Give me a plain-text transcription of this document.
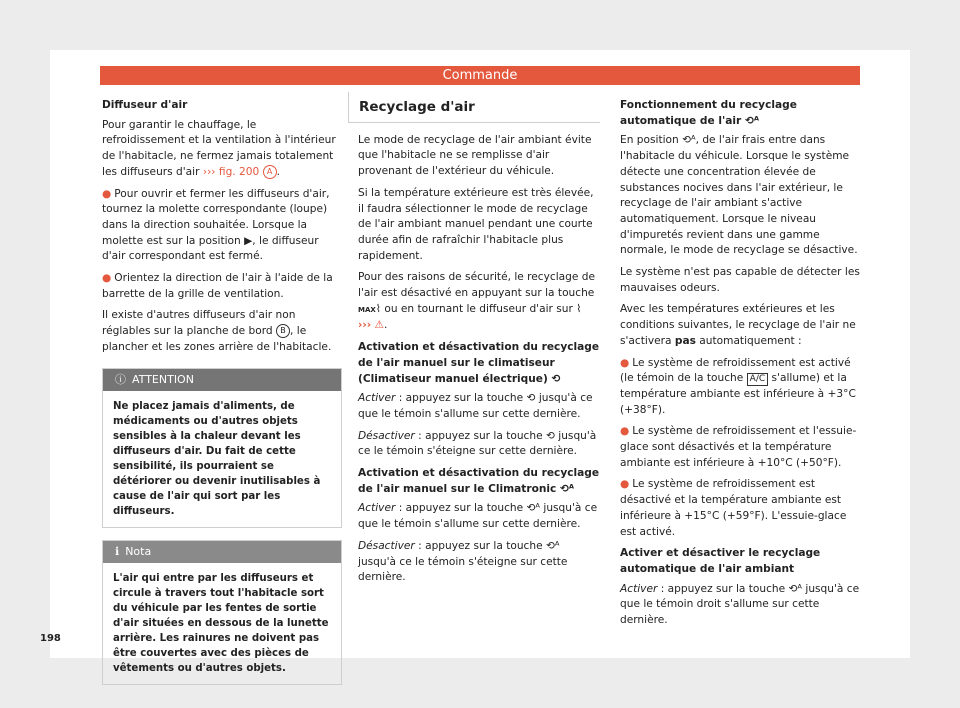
Commande

Diffuseur d'air

Pour garantir le chauffage, le refroidissement et la ventilation à l'intérieur de l'habitacle, ne fermez jamais totalement les diffuseurs d'air ››› fig. 200 A .

● Pour ouvrir et fermer les diffuseurs d'air, tournez la molette correspondante (loupe) dans la direction souhaitée. Lorsque la molette est sur la position ▶, le diffuseur d'air correspondant est fermé.

● Orientez la direction de l'air à l'aide de la barrette de la grille de ventilation.

Il existe d'autres diffuseurs d'air non réglables sur la planche de bord B , le plancher et les zones arrière de l'habitacle.

ⓘ ATTENTION

Ne placez jamais d'aliments, de médicaments ou d'autres objets sensibles à la chaleur devant les diffuseurs d'air. Du fait de cette sensibilité, ils pourraient se détériorer ou devenir inutilisables à cause de l'air qui sort par les diffuseurs.

ℹ Nota

L'air qui entre par les diffuseurs et circule à travers tout l'habitacle sort du véhicule par les fentes de sortie d'air situées en dessous de la lunette arrière. Les rainures ne doivent pas être couvertes avec des pièces de vêtements ou d'autres objets.

Recyclage d'air

Le mode de recyclage de l'air ambiant évite que l'habitacle ne se remplisse d'air provenant de l'extérieur du véhicule.

Si la température extérieure est très élevée, il faudra sélectionner le mode de recyclage de l'air ambiant manuel pendant une courte durée afin de rafraîchir l'habitacle plus rapidement.

Pour des raisons de sécurité, le recyclage de l'air est désactivé en appuyant sur la touche MAX⌇ ou en tournant le diffuseur d'air sur ⌇
››› ⚠.

Activation et désactivation du recyclage de l'air manuel sur le climatiseur (Climatiseur manuel électrique) ⟲

Activer : appuyez sur la touche ⟲ jusqu'à ce que le témoin s'allume sur cette dernière.

Désactiver : appuyez sur la touche ⟲ jusqu'à ce le témoin s'éteigne sur cette dernière.

Activation et désactivation du recyclage de l'air manuel sur le Climatronic ⟲ᴬ

Activer : appuyez sur la touche ⟲ᴬ jusqu'à ce que le témoin s'allume sur cette dernière.

Désactiver : appuyez sur la touche ⟲ᴬ jusqu'à ce le témoin s'éteigne sur cette dernière.

Fonctionnement du recyclage automatique de l'air ⟲ᴬ

En position ⟲ᴬ, de l'air frais entre dans l'habitacle du véhicule. Lorsque le système détecte une concentration élevée de substances nocives dans l'air extérieur, le recyclage de l'air ambiant s'active automatiquement. Lorsque le niveau d'impuretés revient dans une gamme normale, le mode de recyclage se désactive.

Le système n'est pas capable de détecter les mauvaises odeurs.

Avec les températures extérieures et les conditions suivantes, le recyclage de l'air ne s'activera pas automatiquement :

● Le système de refroidissement est activé (le témoin de la touche A/C s'allume) et la température ambiante est inférieure à +3°C (+38°F).

● Le système de refroidissement et l'essuie-glace sont désactivés et la température ambiante est inférieure à +10°C (+50°F).

● Le système de refroidissement est désactivé et la température ambiante est inférieure à +15°C (+59°F). L'essuie-glace est activé.

Activer et désactiver le recyclage automatique de l'air ambiant

Activer : appuyez sur la touche ⟲ᴬ jusqu'à ce que le témoin droit s'allume sur cette dernière.

198
